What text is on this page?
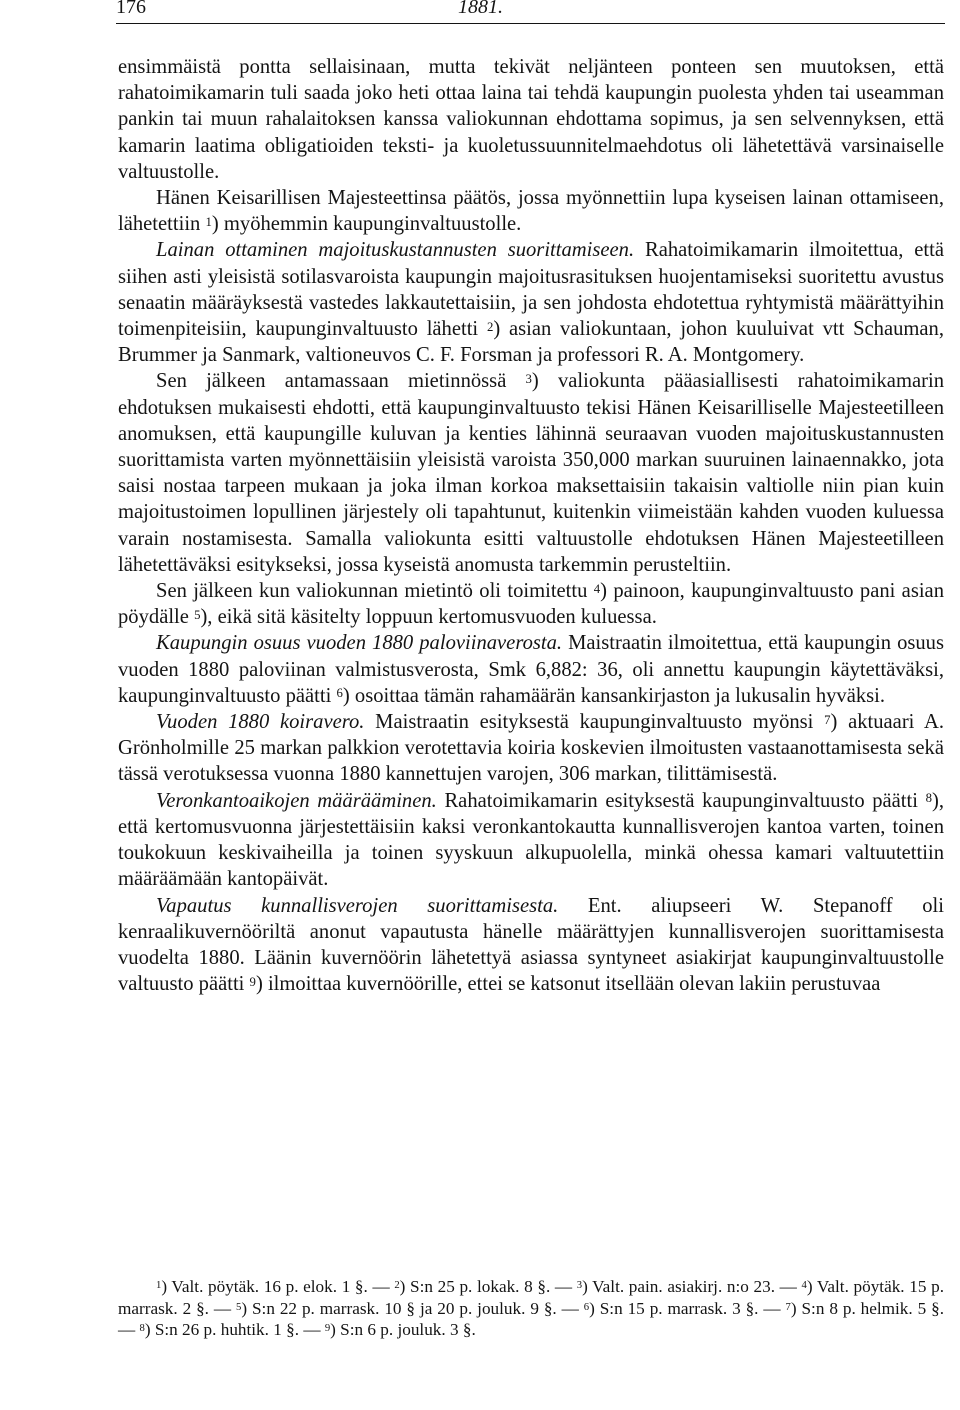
176	1881.

ensimmäistä pontta sellaisinaan, mutta tekivät neljänteen ponteen sen muutoksen, että rahatoimikamarin tuli saada joko heti ottaa laina tai tehdä kaupungin puolesta yhden tai useamman pankin tai muun rahalaitoksen kanssa valiokunnan ehdottama sopimus, ja sen selvennyksen, että kamarin laatima obligatioiden teksti- ja kuoletussuunnitelmaehdotus oli lähetettävä varsinaiselle valtuustolle.

Hänen Keisarillisen Majesteettinsa päätös, jossa myönnettiin lupa kyseisen lainan ottamiseen, lähetettiin $^1$) myöhemmin kaupunginvaltuustolle.

Lainan ottaminen majoituskustannusten suorittamiseen. Rahatoimikamarin ilmoitettua, että siihen asti yleisistä sotilasvaroista kaupungin majoitusrasituksen huojentamiseksi suoritettu avustus senaatin määräyksestä vastedes lakkautettaisiin, ja sen johdosta ehdotettua ryhtymistä määrättyihin toimenpiteisiin, kaupunginvaltuusto lähetti $^2$) asian valiokuntaan, johon kuuluivat vtt Schauman, Brummer ja Sanmark, valtioneuvos C. F. Forsman ja professori R. A. Montgomery.

Sen jälkeen antamassaan mietinnössä $^3$) valiokunta pääasiallisesti rahatoimikamarin ehdotuksen mukaisesti ehdotti, että kaupunginvaltuusto tekisi Hänen Keisarilliselle Majesteetilleen anomuksen, että kaupungille kuluvan ja kenties lähinnä seuraavan vuoden majoituskustannusten suorittamista varten myönnettäisiin yleisistä varoista 350,000 markan suuruinen lainaennakko, jota saisi nostaa tarpeen mukaan ja joka ilman korkoa maksettaisiin takaisin valtiolle niin pian kuin majoitustoimen lopullinen järjestely oli tapahtunut, kuitenkin viimeistään kahden vuoden kuluessa varain nostamisesta. Samalla valiokunta esitti valtuustolle ehdotuksen Hänen Majesteetilleen lähetettäväksi esitykseksi, jossa kyseistä anomusta tarkemmin perusteltiin.

Sen jälkeen kun valiokunnan mietintö oli toimitettu $^4$) painoon, kaupunginvaltuusto pani asian pöydälle $^5$), eikä sitä käsitelty loppuun kertomusvuoden kuluessa.

Kaupungin osuus vuoden 1880 paloviinaverosta. Maistraatin ilmoitettua, että kaupungin osuus vuoden 1880 paloviinan valmistusverosta, Smk 6,882: 36, oli annettu kaupungin käytettäväksi, kaupunginvaltuusto päätti $^6$) osoittaa tämän rahamäärän kansankirjaston ja lukusalin hyväksi.

Vuoden 1880 koiravero. Maistraatin esityksestä kaupunginvaltuusto myönsi $^7$) aktuaari A. Grönholmille 25 markan palkkion verotettavia koiria koskevien ilmoitusten vastaanottamisesta sekä tässä verotuksessa vuonna 1880 kannettujen varojen, 306 markan, tilittämisestä.

Veronkantoaikojen määrääminen. Rahatoimikamarin esityksestä kaupunginvaltuusto päätti $^8$), että kertomusvuonna järjestettäisiin kaksi veronkantokautta kunnallisverojen kantoa varten, toinen toukokuun keskivaiheilla ja toinen syyskuun alkupuolella, minkä ohessa kamari valtuutettiin määräämään kantopäivät.

Vapautus kunnallisverojen suorittamisesta. Ent. aliupseeri W. Stepanoff oli kenraalikuvernööriltä anonut vapautusta hänelle määrättyjen kunnallisverojen suorittamisesta vuodelta 1880. Läänin kuvernöörin lähetettyä asiassa syntyneet asiakirjat kaupunginvaltuustolle valtuusto päätti $^9$) ilmoittaa kuvernöörille, ettei se katsonut itsellään olevan lakiin perustuvaa

$^1$) Valt. pöytäk. 16 p. elok. 1 §. — $^2$) S:n 25 p. lokak. 8 §. — $^3$) Valt. pain. asiakirj. n:o 23. — $^4$) Valt. pöytäk. 15 p. marrask. 2 §. — $^5$) S:n 22 p. marrask. 10 § ja 20 p. jouluk. 9 §. — $^6$) S:n 15 p. marrask. 3 §. — $^7$) S:n 8 p. helmik. 5 §. — $^8$) S:n 26 p. huhtik. 1 §. — $^9$) S:n 6 p. jouluk. 3 §.
